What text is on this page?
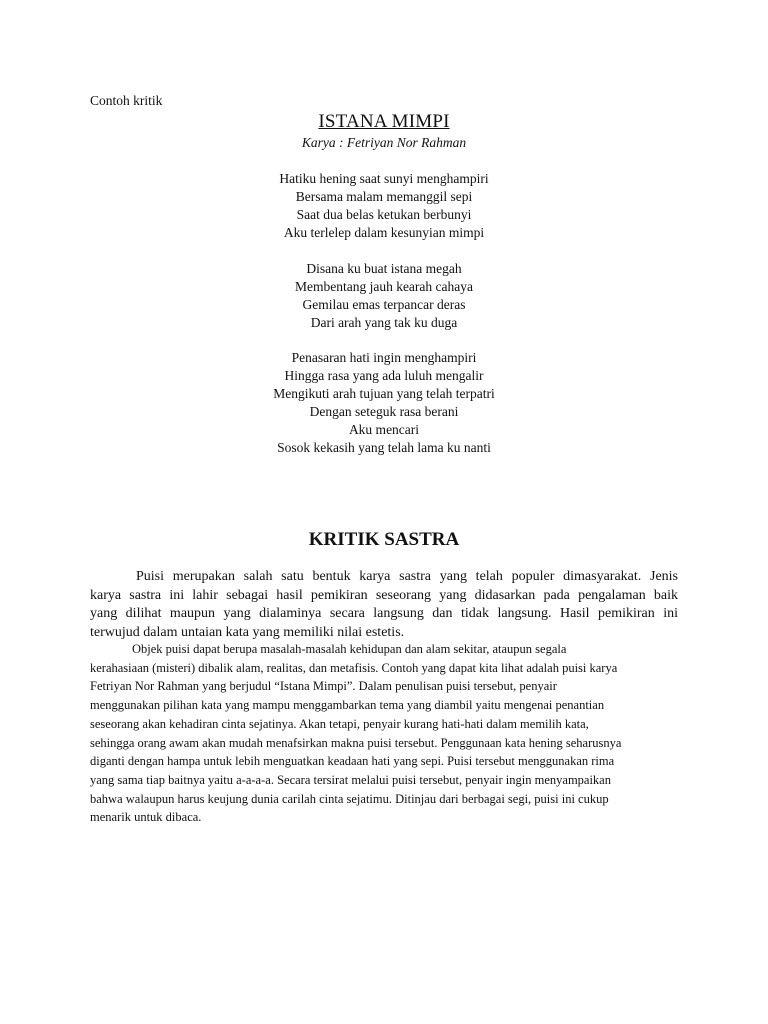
Contoh kritik
ISTANA MIMPI
Karya : Fetriyan Nor Rahman
Hatiku hening saat sunyi menghampiri
Bersama malam memanggil sepi
Saat dua belas ketukan berbunyi
Aku terlelep dalam kesunyian mimpi
Disana ku buat istana megah
Membentang jauh kearah cahaya
Gemilau emas terpancar deras
Dari arah yang tak ku duga
Penasaran hati ingin menghampiri
Hingga rasa yang ada luluh mengalir
Mengikuti arah tujuan yang telah terpatri
Dengan seteguk rasa berani
Aku mencari
Sosok kekasih yang telah lama ku nanti
KRITIK SASTRA
Puisi merupakan salah satu bentuk karya sastra yang telah populer dimasyarakat. Jenis
karya sastra ini lahir sebagai hasil pemikiran seseorang yang didasarkan pada pengalaman baik
yang dilihat maupun yang dialaminya secara langsung dan tidak langsung. Hasil pemikiran ini
terwujud dalam untaian kata yang memiliki nilai estetis.
Objek puisi dapat berupa masalah-masalah kehidupan dan alam sekitar, ataupun segala
kerahasiaan (misteri) dibalik alam, realitas, dan metafisis. Contoh yang dapat kita lihat adalah puisi karya
Fetriyan Nor Rahman yang berjudul “Istana Mimpi”. Dalam penulisan puisi tersebut, penyair
menggunakan pilihan kata yang mampu menggambarkan tema yang diambil yaitu mengenai penantian
seseorang akan kehadiran cinta sejatinya. Akan tetapi, penyair kurang hati-hati dalam memilih kata,
sehingga orang awam akan mudah menafsirkan makna puisi tersebut. Penggunaan kata hening seharusnya
diganti dengan hampa untuk lebih menguatkan keadaan hati yang sepi. Puisi tersebut menggunakan rima
yang sama tiap baitnya yaitu a-a-a-a. Secara tersirat melalui puisi tersebut, penyair ingin menyampaikan
bahwa walaupun harus keujung dunia carilah cinta sejatimu. Ditinjau dari berbagai segi, puisi ini cukup
menarik untuk dibaca.
